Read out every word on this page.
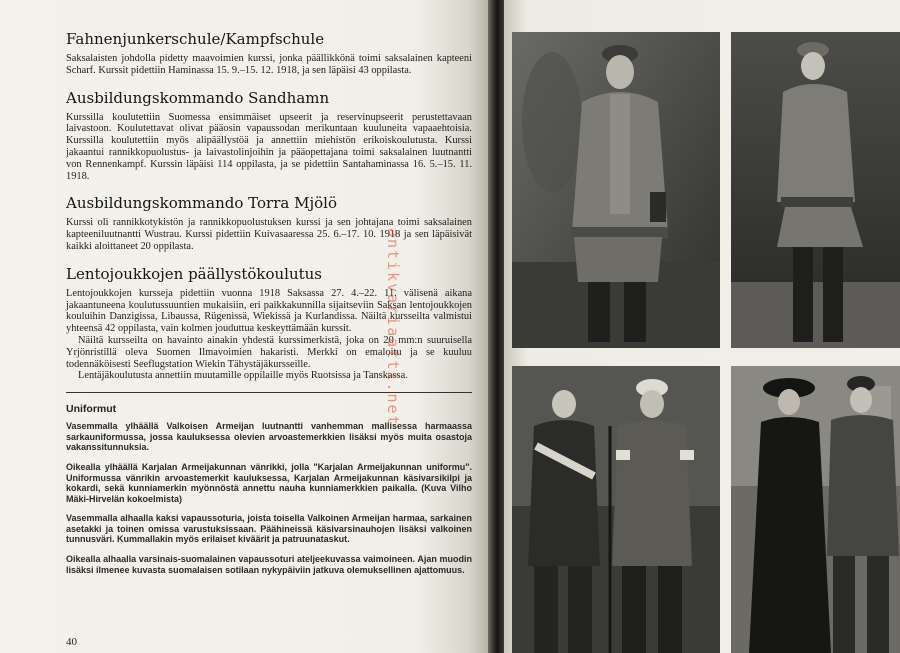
Fahnenjunkerschule/Kampfschule

Saksalaisten johdolla pidetty maavoimien kurssi, jonka päällikkönä toimi saksalainen kapteeni Scharf. Kurssit pidettiin Haminassa 15. 9.–15. 12. 1918, ja sen läpäisi 43 oppilasta.

Ausbildungskommando Sandhamn

Kurssilla koulutettiin Suomessa ensimmäiset upseerit ja reservinupseerit perustettavaan laivastoon. Koulutettavat olivat pääosin vapaussodan merikuntaan kuuluneita vapaaehtoisia. Kurssilla koulutettiin myös alipäällystöä ja annettiin miehistön erikoiskoulutusta. Kurssi jakaantui rannikkopuolustus- ja laivastolinjoihin ja pääopettajana toimi saksalainen luutnantti von Rennenkampf. Kurssin läpäisi 114 oppilasta, ja se pidettiin Santahaminassa 16. 5.–15. 11. 1918.

Ausbildungskommando Torra Mjölö

Kurssi oli rannikkotykistön ja rannikkopuolustuksen kurssi ja sen johtajana toimi saksalainen kapteeniluutnantti Wustrau. Kurssi pidettiin Kuivasaaressa 25. 6.–17. 10. 1918 ja sen läpäisivät kaikki aloittaneet 20 oppilasta.

Lentojoukkojen päällystökoulutus

Lentojoukkojen kursseja pidettiin vuonna 1918 Saksassa 27. 4.–22. 11. välisenä aikana jakaantuneena koulutussuuntien mukaisiin, eri paikkakunnilla sijaitseviin Saksan lentojoukkojen kouluihin Danzigissa, Libaussa, Rügenissä, Wiekissä ja Kurlandissa. Näiltä kursseilta valmistui yhteensä 42 oppilasta, vain kolmen jouduttua keskeyttämään kurssit.

Näiltä kursseilta on havainto ainakin yhdestä kurssimerkistä, joka on 20 mm:n suuruisella Yrjönristillä oleva Suomen Ilmavoimien hakaristi. Merkki on emaloitu ja se kuuluu todennäköisesti Seeflugstation Wiekin Tähystäjäkursseille.

Lentäjäkoulutusta annettiin muutamille oppilaille myös Ruotsissa ja Tanskassa.

Uniformut

Vasemmalla ylhäällä Valkoisen Armeijan luutnantti vanhemman mallisessa harmaassa sarkauniformussa, jossa kauluksessa olevien arvoastemerkkien lisäksi myös muita osastoja vakanssitunnuksia.

Oikealla ylhäällä Karjalan Armeijakunnan vänrikki, jolla "Karjalan Armeijakunnan uniformu". Uniformussa vänrikin arvoastemerkit kauluksessa, Karjalan Armeijakunnan käsivarsikilpi ja kokardi, sekä kunniamerkin myönnöstä annettu nauha kunniamerkkien paikalla. (Kuva Vilho Mäki-Hirvelän kokoelmista)

Vasemmalla alhaalla kaksi vapaussoturia, joista toisella Valkoinen Armeijan harmaa, sarkainen asetakki ja toinen omissa varustuksissaan. Päähineissä käsivarsinauhojen lisäksi valkoinen tunnusväri. Kummallakin myös erilaiset kiväärit ja patruunataskut.

Oikealla alhaalla varsinais-suomalainen vapaussoturi ateljeekuvassa vaimoineen. Ajan muodin lisäksi ilmenee kuvasta suomalaisen sotilaan nykypäiviin jatkuva olemuksellinen ajattomuus.

40
antikvariaatti.net
